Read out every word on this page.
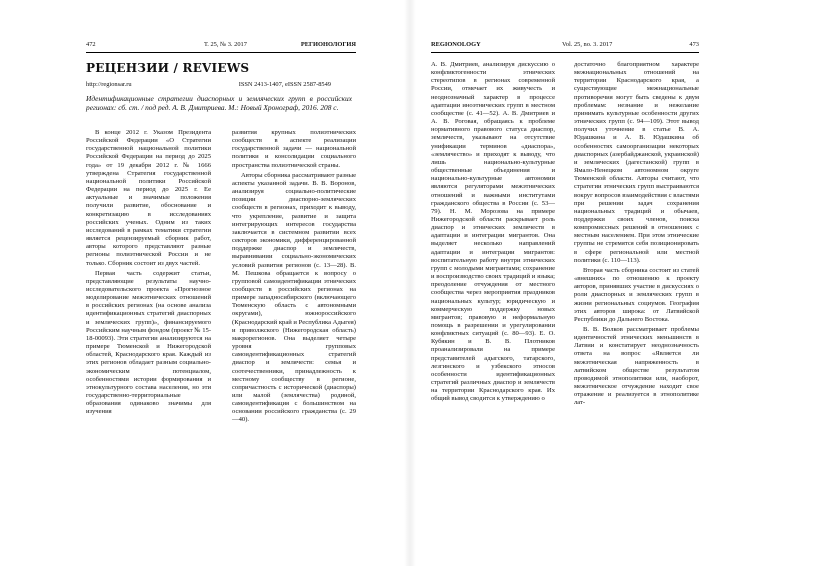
472	Т. 25, № 3. 2017	РЕГИОНОЛОГИЯ
РЕЦЕНЗИИ / REVIEWS
http://regionsar.ru	ISSN 2413-1407, eISSN 2587-8549
Идентификационные стратегии диаспорных и земляческих групп в российских регионах: сб. ст. / под ред. А. В. Дмитриева. М.: Новый Хронограф, 2016. 208 с.

В конце 2012 г. Указом Президента Российской Федерации «О Стратегии государственной национальной политики Российской Федерации на период до 2025 года» от 19 декабря 2012 г. № 1666 утверждена Стратегия государственной национальной политики Российской Федерации на период до 2025 г. Ее актуальные и значимые положения получили развитие, обоснование и конкретизацию в исследованиях российских ученых. Одним из таких исследований в рамках тематики стратегии является рецензируемый сборник работ, авторы которого представляют разные регионы полиэтнической России и не только. Сборник состоит из двух частей.

Первая часть содержит статьи, представляющие результаты научно-исследовательского проекта «Прогнозное моделирование межэтнических отношений в российских регионах (на основе анализа идентификационных стратегий диаспорных и земляческих групп)», финансируемого Российским научным фондом (проект № 15-18-00093). Эти стратегии анализируются на примере Тюменской и Нижегородской областей, Краснодарского края. Каждый из этих регионов обладает разным социально-экономическим потенциалом, особенностями истории формирования и этнокультурного состава населения, но эти государственно-территориальные образования одинаково значимы для изучения

развития крупных полиэтнических сообществ в аспекте реализации государственной задачи — национальной политики и консолидации социального пространства полиэтнической страны.

Авторы сборника рассматривают разные аспекты указанной задачи. В. В. Воронов, анализируя социально-политические позиции диаспорно-земляческих сообществ в регионах, приходит к выводу, что укрепление, развитие и защита интегрирующих интересов государства заключается в системном развитии всех секторов экономики, дифференцированной поддержке диаспор и землячеств, выравнивании социально-экономических условий развития регионов (с. 13—28). В. М. Пешкова обращается к вопросу о групповой самоидентификации этнических сообществ в российских регионах на примере западносибирского (включающего Тюменскую область с автономными округами), южнороссийского (Краснодарский край и Республика Адыгея) и приволжского (Нижегородская область) макрорегионов. Она выделяет четыре уровня групповых самоидентификационных стратегий диаспор и землячеств: семья и соотечественники, принадлежность к местному сообществу в регионе, сопричастность с исторической (диаспоры) или малой (землячества) родиной, самоидентификация с большинством на основании российского гражданства (с. 29—40).

REGIONOLOGY	Vol. 25, no. 3. 2017	473

А. В. Дмитриев, анализируя дискуссию о конфликтогенности этнических стереотипов в регионах современной России, отмечает их живучесть и неоднозначный характер в процессе адаптации иноэтнических групп в местном сообществе (с. 41—52). А. В. Дмитриев и А. В. Роговая, обращаясь к проблеме нормативного правового статуса диаспор, землячеств, указывают на отсутствие унификации терминов «диаспора», «землячество» и приходят к выводу, что лишь национально-культурные общественные объединения и национально-культурные автономии являются регуляторами межэтнических отношений и важными институтами гражданского общества в России (с. 53—79). Н. М. Морозова на примере Нижегородской области раскрывает роль диаспор и этнических землячеств в адаптации и интеграции мигрантов. Она выделяет несколько направлений адаптации и интеграции мигрантов: воспитательную работу внутри этнических групп с молодыми мигрантами; сохранение и воспроизводство своих традиций и языка; преодоление отчуждения от местного сообщества через мероприятия праздников национальных культур; юридическую и коммерческую поддержку новых мигрантов; правовую и неформальную помощь в разрешении и урегулировании конфликтных ситуаций (с. 80—93). Е. О. Кубякин и В. В. Плотников проанализировали на примере представителей адыгского, татарского, лезгинского и узбекского этносов особенности идентификационных стратегий различных диаспор и землячеств на территории Краснодарского края. Их общий вывод сводится к утверждению о

достаточно благоприятном характере межнациональных отношений на территории Краснодарского края, а существующие межнациональные противоречия могут быть сведены к двум проблемам: незнание и нежелание принимать культурные особенности других этнических групп (с. 94—109). Этот вывод получил уточнение в статье В. А. Юдашкина и А. В. Юдашкина об особенностях самоорганизации некоторых диаспорных (азербайджанской, украинской) и земляческих (дагестанской) групп в Ямало-Ненецком автономном округе Тюменской области. Авторы считают, что стратегии этнических групп выстраиваются вокруг вопросов взаимодействия с властями при решении задач сохранения национальных традиций и обычаев, поддержки своих членов, поиска компромиссных решений в отношениях с местным населением. При этом этнические группы не стремятся себя позиционировать в сфере региональной или местной политики (с. 110—113).

Вторая часть сборника состоит из статей «внешних» по отношению к проекту авторов, принявших участие в дискуссиях о роли диаспорных и земляческих групп в жизни региональных социумов. География этих авторов широка: от Латвийской Республики до Дальнего Востока.

В. В. Волков рассматривает проблемы идентичностей этнических меньшинств в Латвии и констатирует неоднозначность ответа на вопрос «Является ли межэтническая напряженность в латвийском обществе результатом проводимой этнополитики или, наоборот, межэтническое отчуждение находит свое отражение и реализуется в этнополитике лат-
